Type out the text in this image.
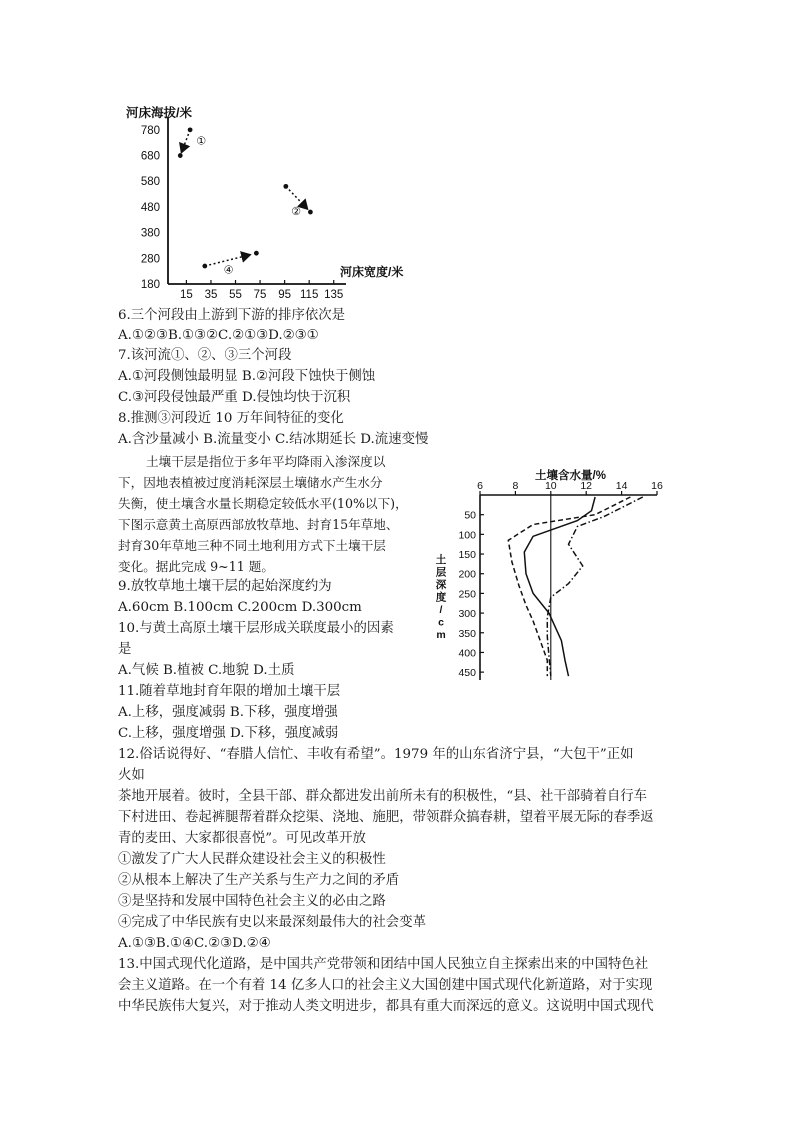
河床海拔/米
河床宽度/米
180
280
380
480
580
680
780
15 35 55 75 95 115 135
①
②
④
6.三个河段由上游到下游的排序依次是
A.①②③B.①③②C.②①③D.②③①
7.该河流①、②、③三个河段
A.①河段侧蚀最明显 B.②河段下蚀快于侧蚀
C.③河段侵蚀最严重 D.侵蚀均快于沉积
8.推测③河段近 10 万年间特征的变化
A.含沙量减小 B.流量变小 C.结冰期延长 D.流速变慢
土壤干层是指位于多年平均降雨入渗深度以
下，因地表植被过度消耗深层土壤储水产生水分
失衡，使土壤含水量长期稳定较低水平(10%以下)，
下图示意黄土高原西部放牧草地、封育15年草地、
封育30年草地三种不同土地利用方式下土壤干层
变化。据此完成 9~11 题。
9.放牧草地土壤干层的起始深度约为
A.60cm B.100cm C.200cm D.300cm
10.与黄土高原土壤干层形成关联度最小的因素
是
A.气候 B.植被 C.地貌 D.土质
11.随着草地封育年限的增加土壤干层
A.上移，强度减弱 B.下移，强度增强
C.上移，强度增强 D.下移，强度减弱
土壤含水量/%
6	8	10 12 14 16
50
100
150
200
250
300
350
400
450
土层深度/ c m
12.俗话说得好、“春腊人信忙、丰收有希望”。1979 年的山东省济宁县，“大包干”正如
火如
茶地开展着。彼时，全县干部、群众都进发出前所未有的积极性，“县、社干部骑着自行车
下村进田、卷起裤腿帮着群众挖渠、浇地、施肥，带领群众搞春耕，望着平展无际的春季返
青的麦田、大家都很喜悦”。可见改革开放
①激发了广大人民群众建设社会主义的积极性
②从根本上解决了生产关系与生产力之间的矛盾
③是坚持和发展中国特色社会主义的必由之路
④完成了中华民族有史以来最深刻最伟大的社会变革
A.①③B.①④C.②③D.②④
13.中国式现代化道路，是中国共产党带领和团结中国人民独立自主探索出来的中国特色社
会主义道路。在一个有着 14 亿多人口的社会主义大国创建中国式现代化新道路，对于实现
中华民族伟大复兴，对于推动人类文明进步，都具有重大而深远的意义。这说明中国式现代
